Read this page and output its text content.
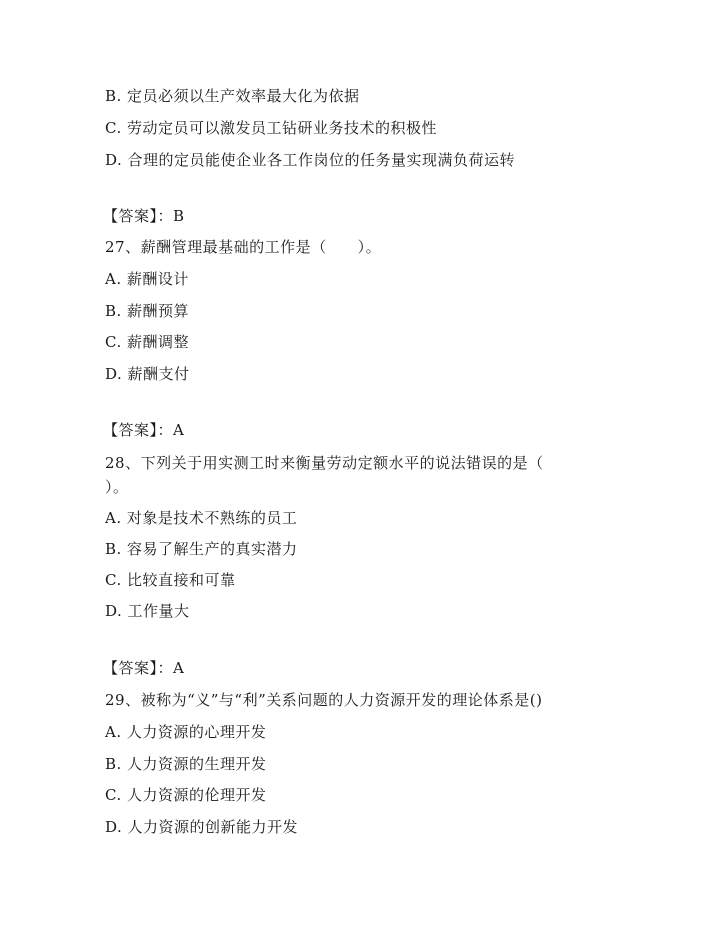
B. 定员必须以生产效率最大化为依据
C. 劳动定员可以激发员工钻研业务技术的积极性
D. 合理的定员能使企业各工作岗位的任务量实现满负荷运转
【答案】：B
27、薪酬管理最基础的工作是（　　）。
A. 薪酬设计
B. 薪酬预算
C. 薪酬调整
D. 薪酬支付
【答案】：A
28、下列关于用实测工时来衡量劳动定额水平的说法错误的是（
）。
A. 对象是技术不熟练的员工
B. 容易了解生产的真实潜力
C. 比较直接和可靠
D. 工作量大
【答案】：A
29、被称为“义”与“利”关系问题的人力资源开发的理论体系是()
A. 人力资源的心理开发
B. 人力资源的生理开发
C. 人力资源的伦理开发
D. 人力资源的创新能力开发
